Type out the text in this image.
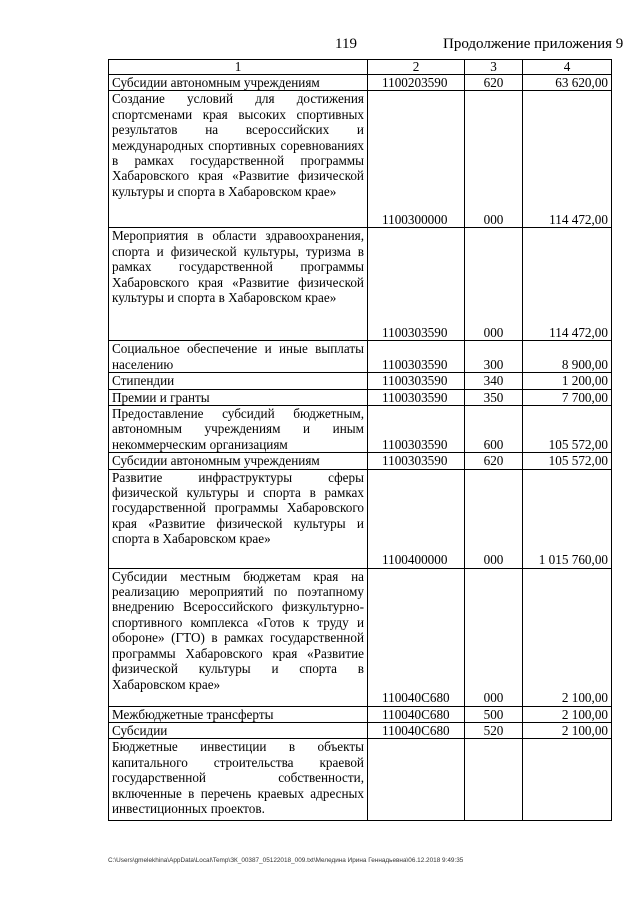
119	Продолжение приложения 9
1	2	3	4
Субсидии автономным учреждениям	1100203590	620	63 620,00
Создание условий для достижения спортсменами края высоких спортивных результатов на всероссийских и международных спортивных соревнованиях в рамках государственной программы Хабаровского края «Развитие физической культуры и спорта в Хабаровском крае»	1100300000	000	114 472,00
Мероприятия в области здравоохранения, спорта и физической культуры, туризма в рамках государственной программы Хабаровского края «Развитие физической культуры и спорта в Хабаровском крае»	1100303590	000	114 472,00
Социальное обеспечение и иные выплаты населению	1100303590	300	8 900,00
Стипендии	1100303590	340	1 200,00
Премии и гранты	1100303590	350	7 700,00
Предоставление субсидий бюджетным, автономным учреждениям и иным некоммерческим организациям	1100303590	600	105 572,00
Субсидии автономным учреждениям	1100303590	620	105 572,00
Развитие инфраструктуры сферы физической культуры и спорта в рамках государственной программы Хабаровского края «Развитие физической культуры и спорта в Хабаровском крае»	1100400000	000	1 015 760,00
Субсидии местным бюджетам края на реализацию мероприятий по поэтапному внедрению Всероссийского физкультурно-спортивного комплекса «Готов к труду и обороне» (ГТО) в рамках государственной программы Хабаровского края «Развитие физической культуры и спорта в Хабаровском крае»	110040С680	000	2 100,00
Межбюджетные трансферты	110040С680	500	2 100,00
Субсидии	110040С680	520	2 100,00
Бюджетные инвестиции в объекты капитального строительства краевой государственной собственности, включенные в перечень краевых адресных инвестиционных проектов.			
C:\Users\gmelekhina\AppData\Local\Temp\ЗК_00387_05122018_009.txt\Меледина Ирина Геннадьевна\06.12.2018 9:49:35
